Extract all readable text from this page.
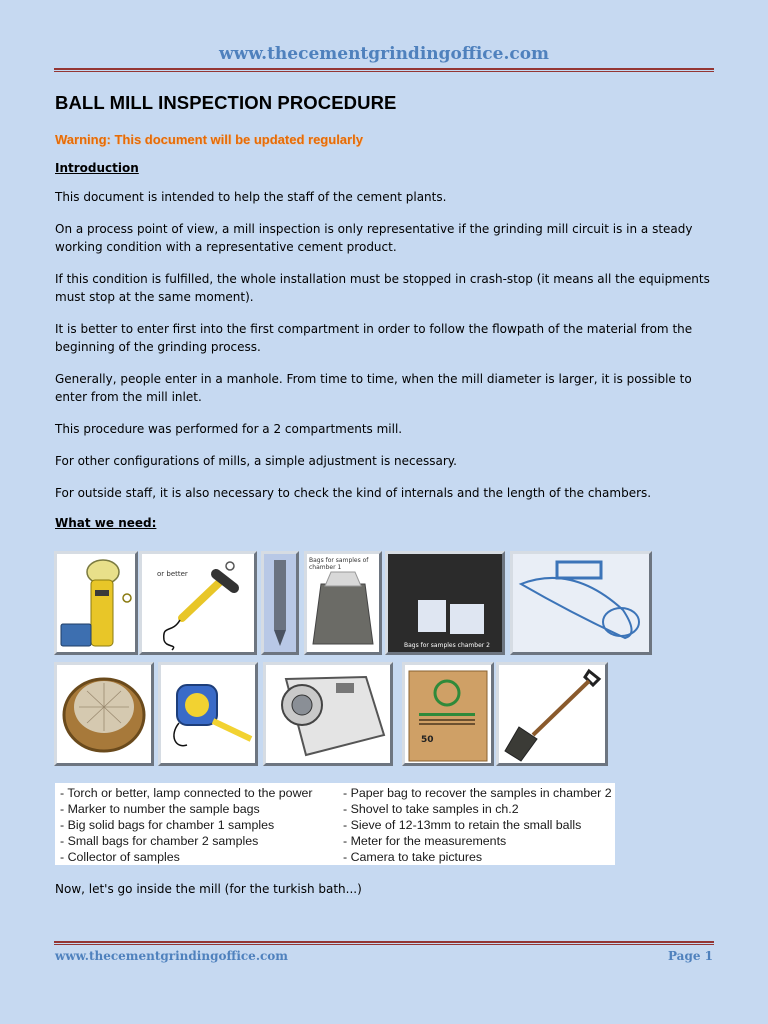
www.thecementgrindingoffice.com
BALL MILL INSPECTION PROCEDURE
Warning: This document will be updated regularly
Introduction

This document is intended to help the staff of the cement plants.

On a process point of view, a mill inspection is only representative if the grinding mill circuit is in a steady working condition with a representative cement product.

If this condition is fulfilled, the whole installation must be stopped in crash-stop (it means all the equipments must stop at the same moment).

It is better to enter first into the first compartment in order to follow the flowpath of the material from the beginning of the grinding process.

Generally, people enter in a manhole. From time to time, when the mill diameter is larger, it is possible to enter from the mill inlet.

This procedure was performed for a 2 compartments mill.

For other configurations of mills, a simple adjustment is necessary.

For outside staff, it is also necessary to check the kind of internals and the length of the chambers.

What we need:
or better
Bags for samples of chamber 1
Bags for samples chamber 2
50
- Torch or better, lamp connected to the power
- Marker to number the sample bags
- Big solid bags for chamber 1 samples
- Small bags for chamber 2 samples
- Collector of samples
- Paper bag to recover the samples in chamber 2
- Shovel to take samples in ch.2
- Sieve of 12-13mm to retain the small balls
- Meter for the measurements
- Camera to take pictures

Now, let's go inside the mill (for the turkish bath...)

www.thecementgrindingoffice.com	Page 1
